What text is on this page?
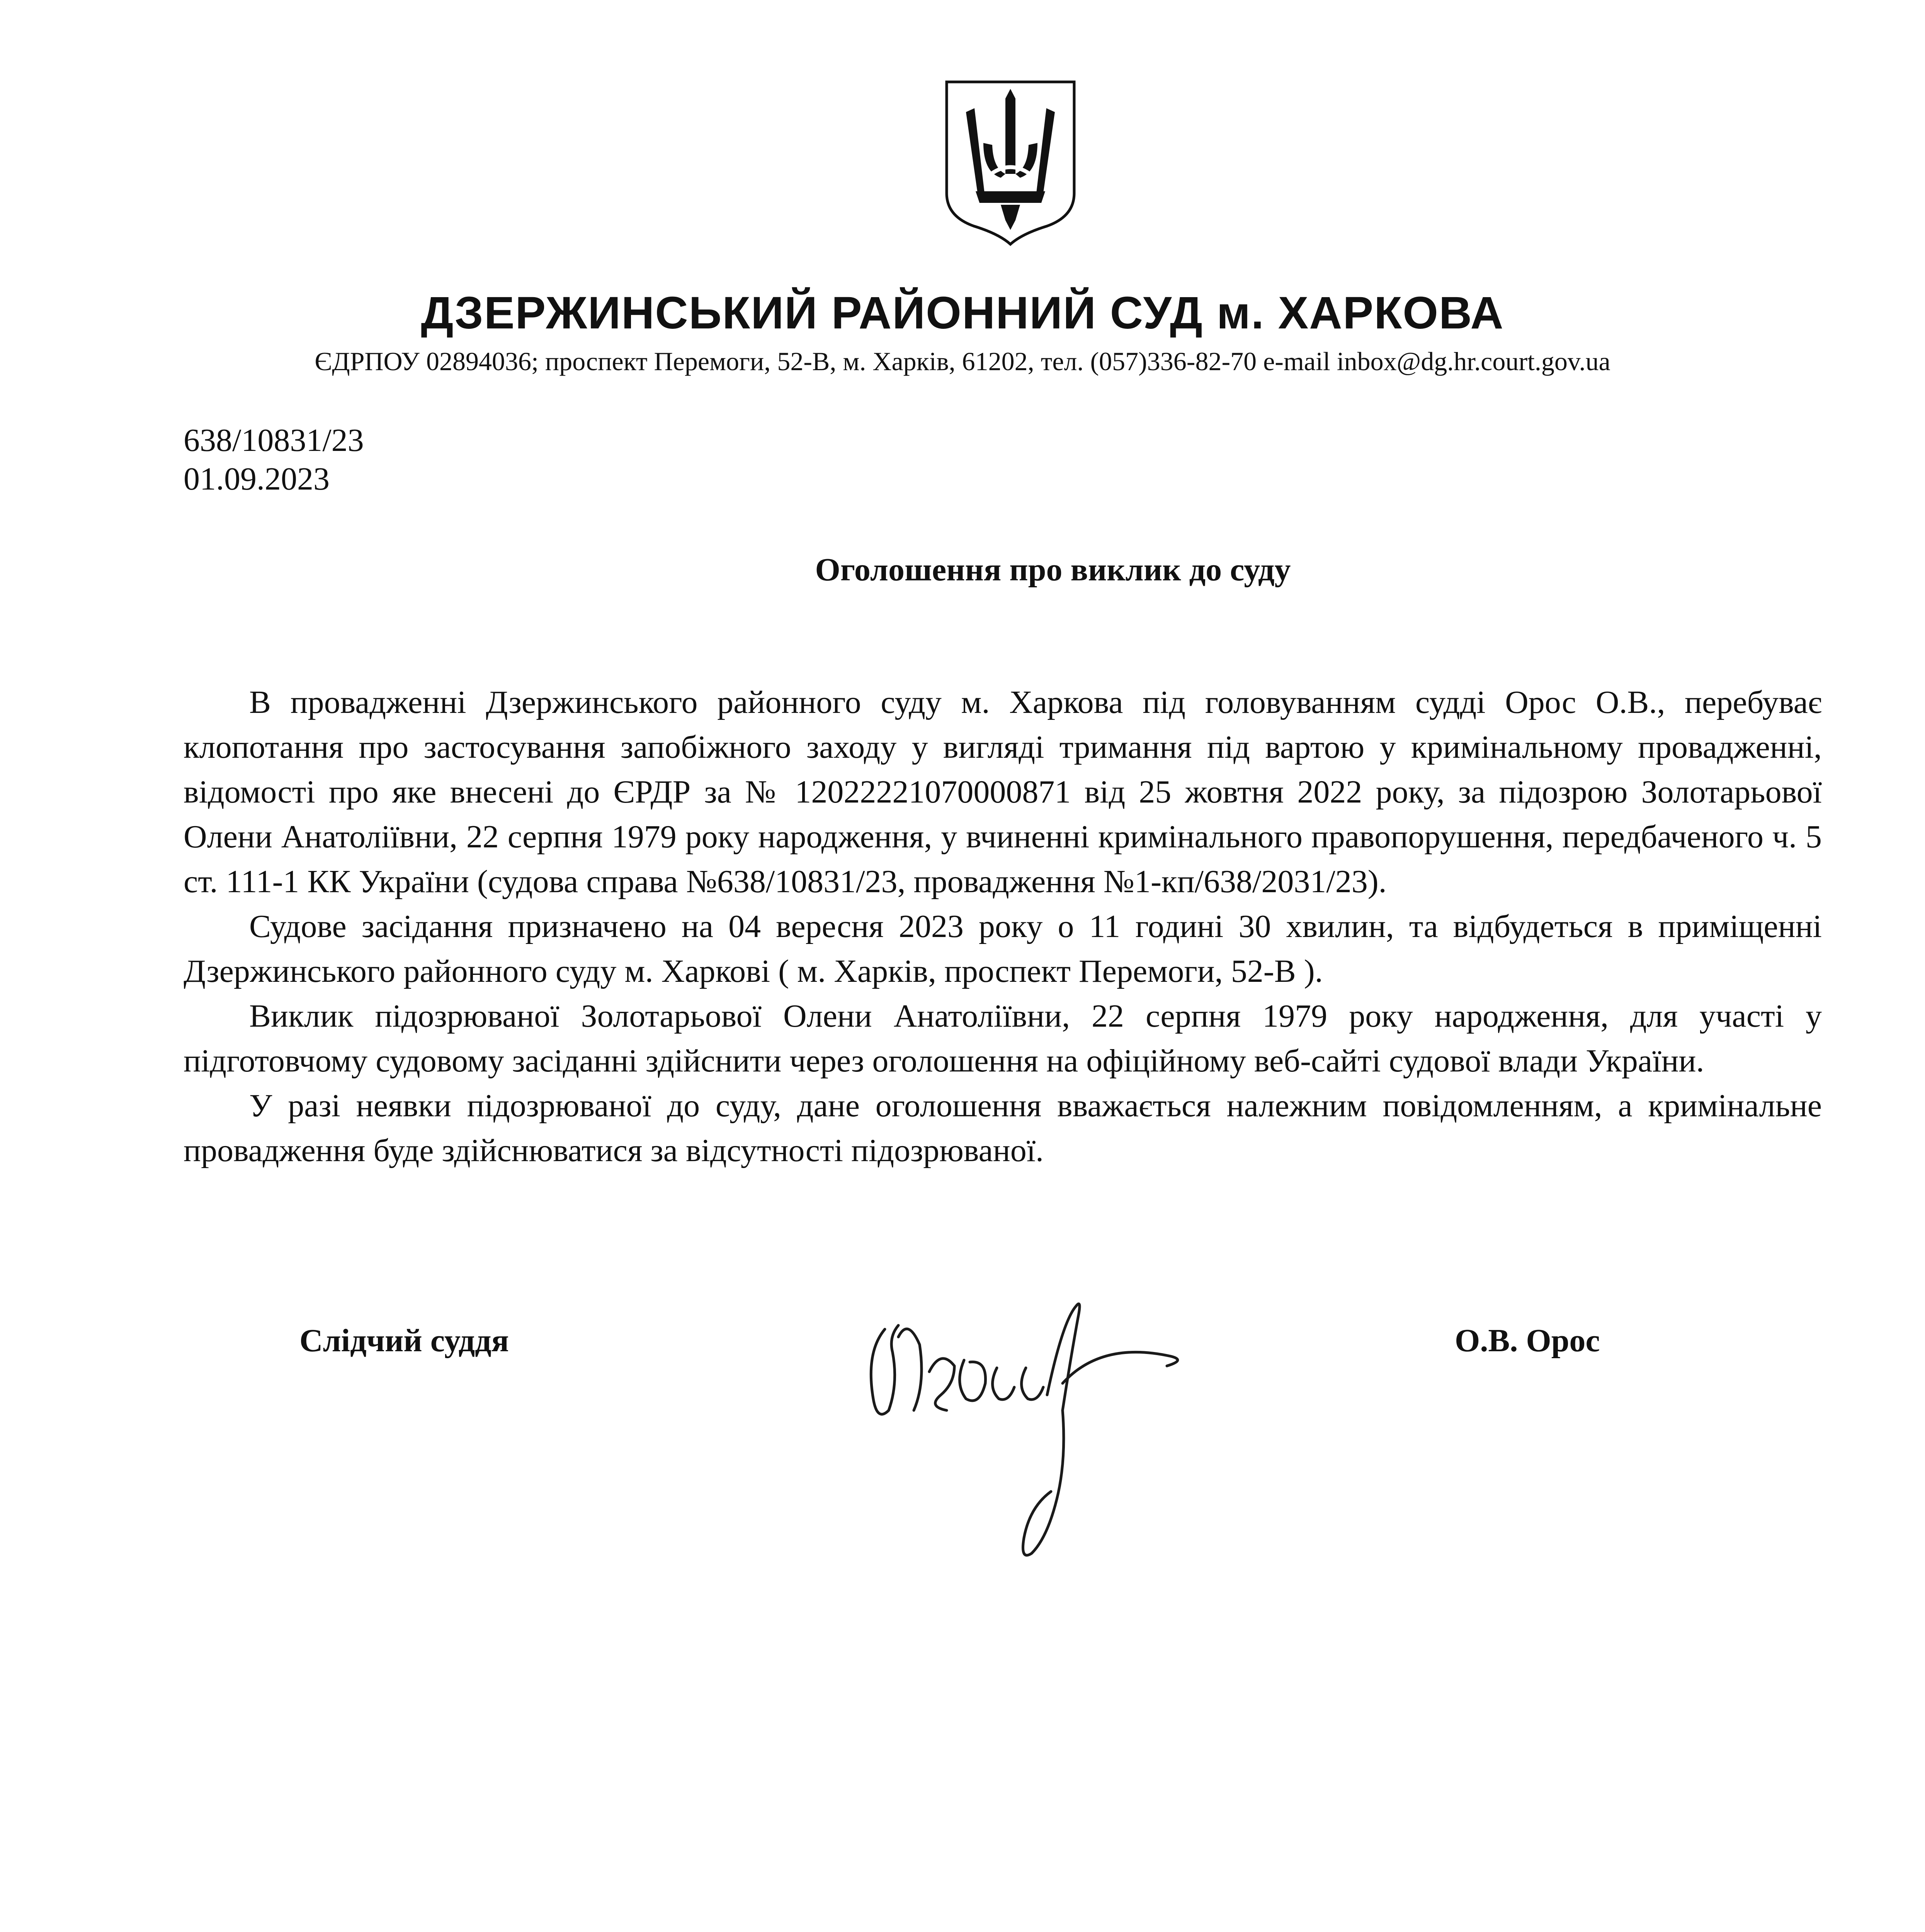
ДЗЕРЖИНСЬКИЙ РАЙОННИЙ СУД м. ХАРКОВА
ЄДРПОУ 02894036; проспект Перемоги, 52-В, м. Харків, 61202, тел. (057)336-82-70 e-mail inbox@dg.hr.court.gov.ua
638/10831/23
01.09.2023
Оголошення про виклик до суду

В провадженні Дзержинського районного суду м. Харкова під головуванням судді Орос О.В., перебуває клопотання про застосування запобіжного заходу у вигляді тримання під вартою у кримінальному провадженні, відомості про яке внесені до ЄРДР за № 12022221070000871 від 25 жовтня 2022 року, за підозрою Золотарьової Олени Анатоліївни, 22 серпня 1979 року народження, у вчиненні кримінального правопорушення, передбаченого ч. 5 ст. 111-1 КК України (судова справа №638/10831/23, провадження №1-кп/638/2031/23).

Судове засідання призначено на 04 вересня 2023 року о 11 годині 30 хвилин, та відбудеться в приміщенні Дзержинського районного суду м. Харкові ( м. Харків, проспект Перемоги, 52-В ).

Виклик підозрюваної Золотарьової Олени Анатоліївни, 22 серпня 1979 року народження, для участі у підготовчому судовому засіданні здійснити через оголошення на офіційному веб-сайті судової влади України.

У разі неявки підозрюваної до суду, дане оголошення вважається належним повідомленням, а кримінальне провадження буде здійснюватися за відсутності підозрюваної.

Слідчий суддя	О.В. Орос
